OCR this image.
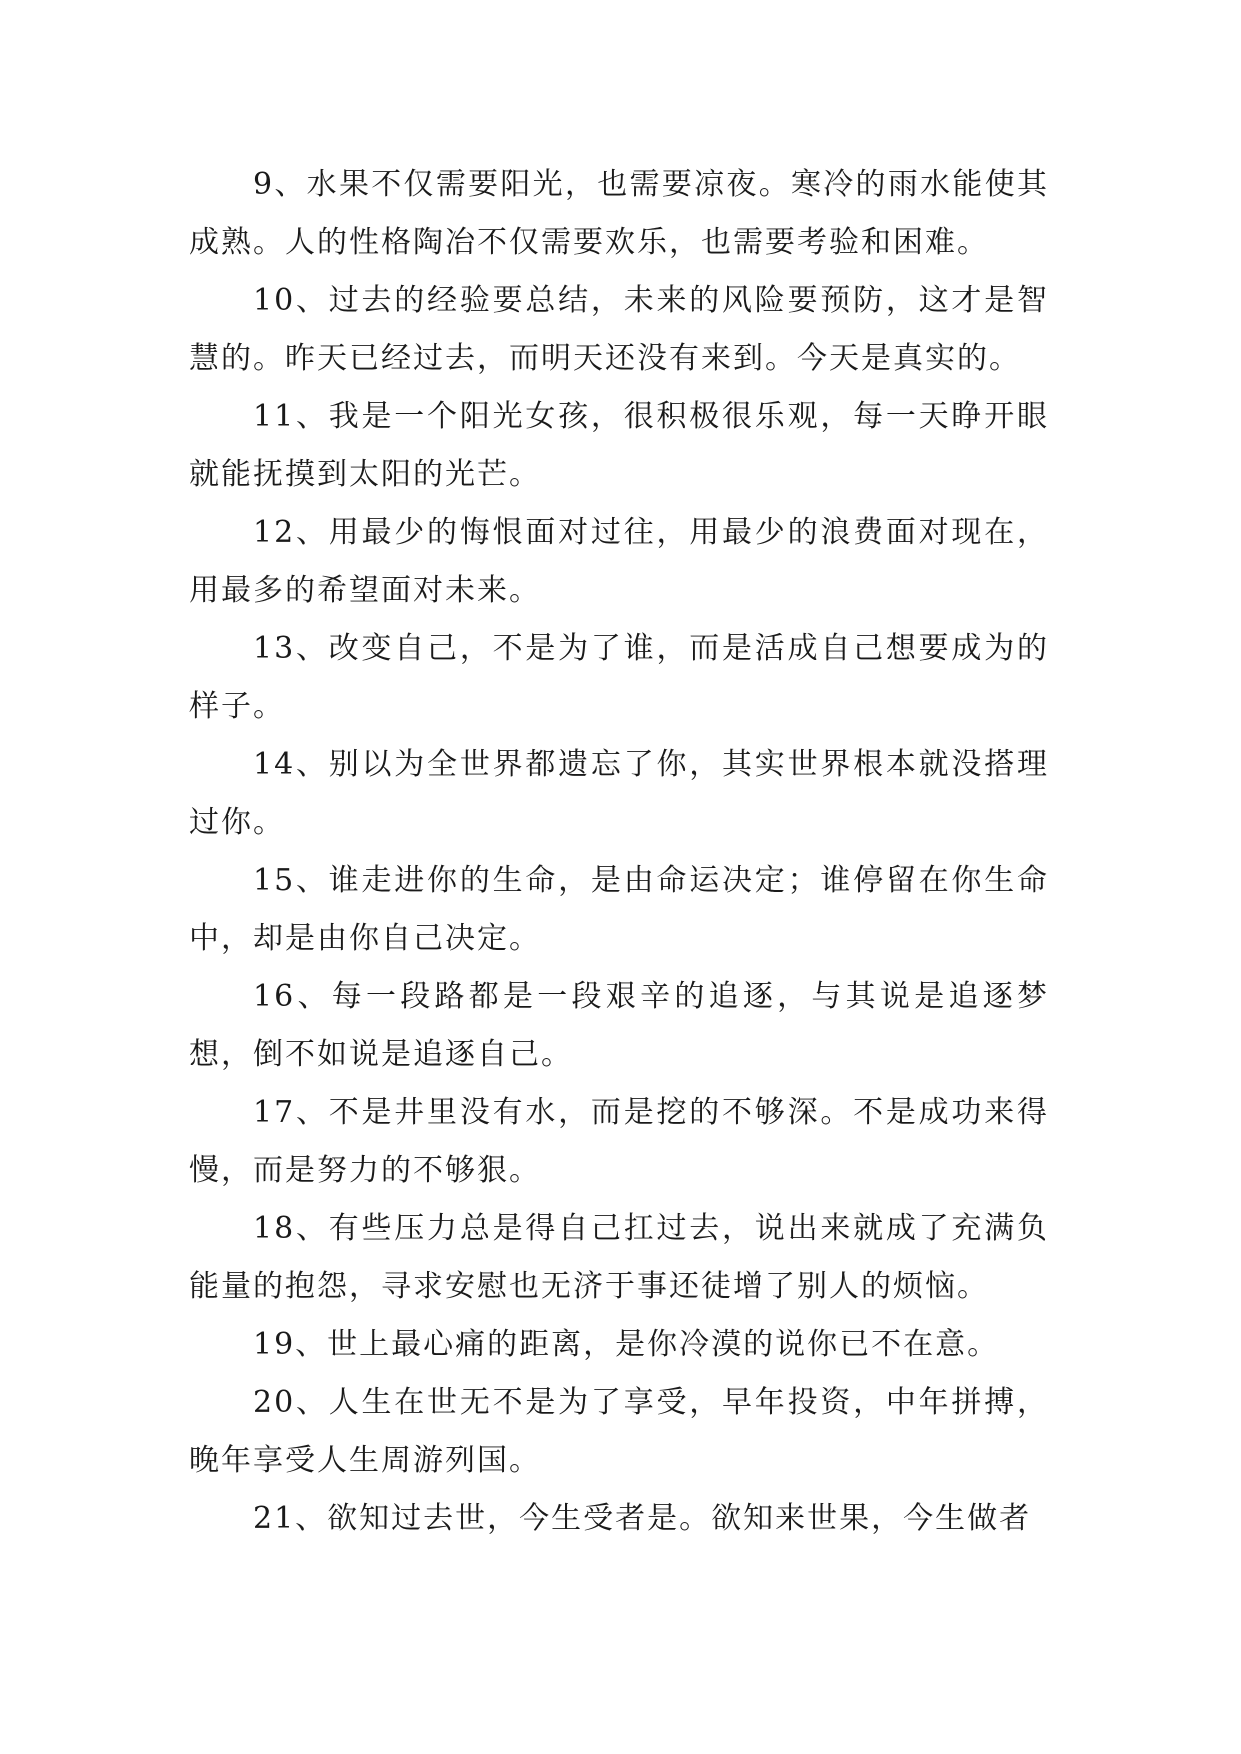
9、水果不仅需要阳光，也需要凉夜。寒冷的雨水能使其成熟。人的性格陶冶不仅需要欢乐，也需要考验和困难。

10、过去的经验要总结，未来的风险要预防，这才是智慧的。昨天已经过去，而明天还没有来到。今天是真实的。

11、我是一个阳光女孩，很积极很乐观，每一天睁开眼就能抚摸到太阳的光芒。

12、用最少的悔恨面对过往，用最少的浪费面对现在，用最多的希望面对未来。

13、改变自己，不是为了谁，而是活成自己想要成为的样子。

14、别以为全世界都遗忘了你，其实世界根本就没搭理过你。

15、谁走进你的生命，是由命运决定；谁停留在你生命中，却是由你自己决定。

16、每一段路都是一段艰辛的追逐，与其说是追逐梦想，倒不如说是追逐自己。

17、不是井里没有水，而是挖的不够深。不是成功来得慢，而是努力的不够狠。

18、有些压力总是得自己扛过去，说出来就成了充满负能量的抱怨，寻求安慰也无济于事还徒增了别人的烦恼。

19、世上最心痛的距离，是你冷漠的说你已不在意。

20、人生在世无不是为了享受，早年投资，中年拼搏，晚年享受人生周游列国。

21、欲知过去世，今生受者是。欲知来世果，今生做者
